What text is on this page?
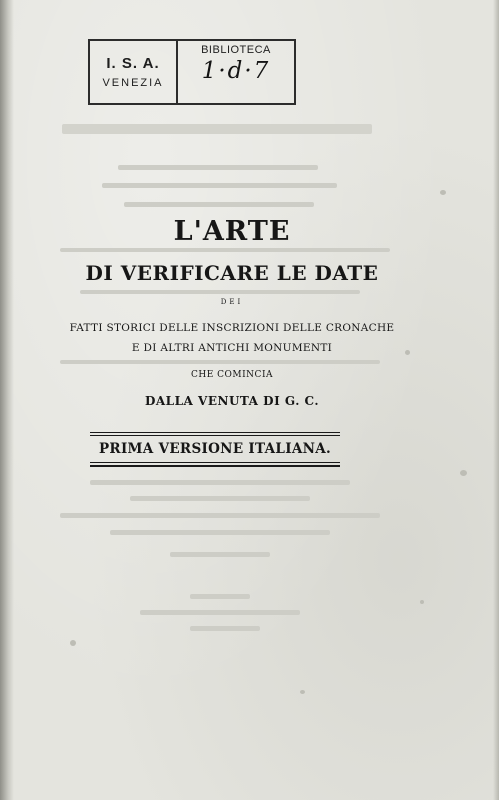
I. S. A.
VENEZIA
BIBLIOTECA
1·d·7
L'ARTE
DI VERIFICARE LE DATE
DEI
FATTI STORICI DELLE INSCRIZIONI DELLE CRONACHE
E DI ALTRI ANTICHI MONUMENTI
CHE COMINCIA
DALLA VENUTA DI G. C.
PRIMA VERSIONE ITALIANA.
